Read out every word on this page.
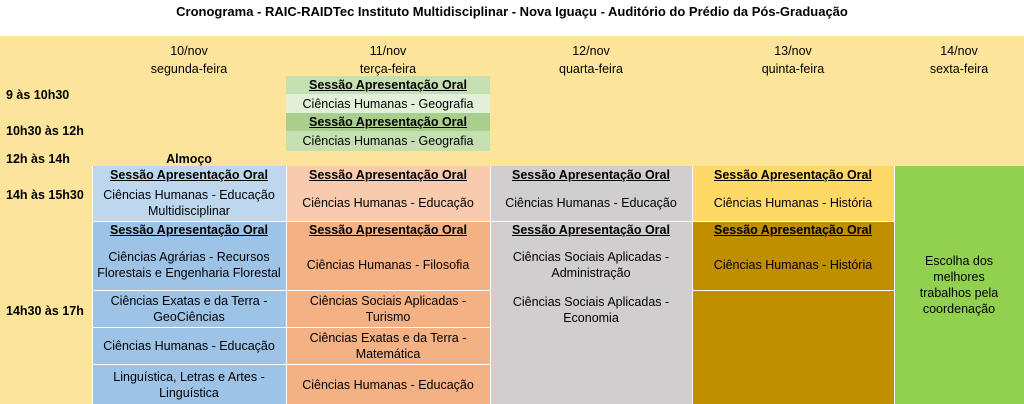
Cronograma - RAIC-RAIDTec Instituto Multidisciplinar - Nova Iguaçu - Auditório do Prédio da Pós-Graduação
10/nov
segunda-feira
11/nov
terça-feira
12/nov
quarta-feira
13/nov
quinta-feira
14/nov
sexta-feira
9 às 10h30
10h30 às 12h
12h às 14h
14h às 15h30
14h30 às 17h
Almoço
Sessão Apresentação Oral
Ciências Humanas - Geografia
Sessão Apresentação Oral
Ciências Humanas - Geografia
Sessão Apresentação Oral
Ciências Humanas - Educação Multidisciplinar
Sessão Apresentação Oral
Ciências Agrárias - Recursos Florestais e Engenharia Florestal
Ciências Exatas e da Terra - GeoCiências
Ciências Humanas - Educação
Linguística, Letras e Artes - Linguística
Sessão Apresentação Oral
Ciências Humanas - Educação
Sessão Apresentação Oral
Ciências Humanas - Filosofia
Ciências Sociais Aplicadas - Turismo
Ciências Exatas e da Terra - Matemática
Ciências Humanas - Educação
Sessão Apresentação Oral
Ciências Humanas - Educação
Sessão Apresentação Oral
Ciências Sociais Aplicadas - Administração
Ciências Sociais Aplicadas - Economia
Sessão Apresentação Oral
Ciências Humanas - História
Sessão Apresentação Oral
Ciências Humanas - História	Escolha dos melhores trabalhos pela coordenação
